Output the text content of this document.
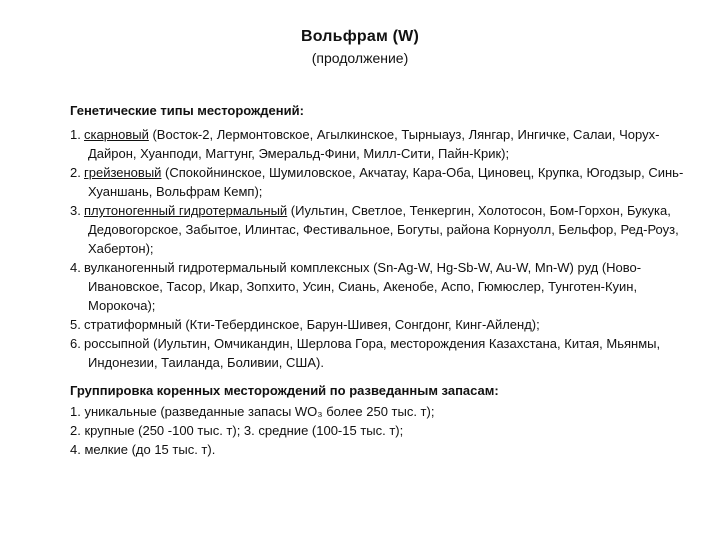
Вольфрам (W)
(продолжение)
Генетические типы месторождений:
1. скарновый (Восток-2, Лермонтовское, Агылкинское, Тырныауз, Лянгар, Ингичке, Салаи, Чорух-Дайрон, Хуанподи, Магтунг, Эмеральд-Фини, Милл-Сити, Пайн-Крик);
2. грейзеновый (Спокойнинское, Шумиловское, Акчатау, Кара-Оба, Циновец, Крупка, Югодзыр, Синь-Хуаншань, Вольфрам Кемп);
3. плутоногенный гидротермальный (Иультин, Светлое, Тенкергин, Холотосон, Бом-Горхон, Букука, Дедовогорское, Забытое, Илинтас, Фестивальное, Богуты, района Корнуолл, Бельфор, Ред-Роуз, Хабертон);
4. вулканогенный гидротермальный комплексных (Sn-Ag-W, Hg-Sb-W, Au-W, Mn-W) руд (Ново-Ивановское, Тасор, Икар, Зопхито, Усин, Сиань, Акенобе, Аспо, Гюмюслер, Тунготен-Куин, Морокоча);
5. стратиформный (Кти-Тебердинское, Барун-Шивея, Сонгдонг, Кинг-Айленд);
6. россыпной (Иультин, Омчикандин, Шерлова Гора, месторождения Казахстана, Китая, Мьянмы, Индонезии, Таиланда, Боливии, США).
Группировка коренных месторождений по разведанным запасам:
1. уникальные (разведанные запасы WO₃ более 250 тыс. т);
2. крупные (250 -100 тыс. т); 3. средние (100-15 тыс. т);
4. мелкие (до 15 тыс. т).
